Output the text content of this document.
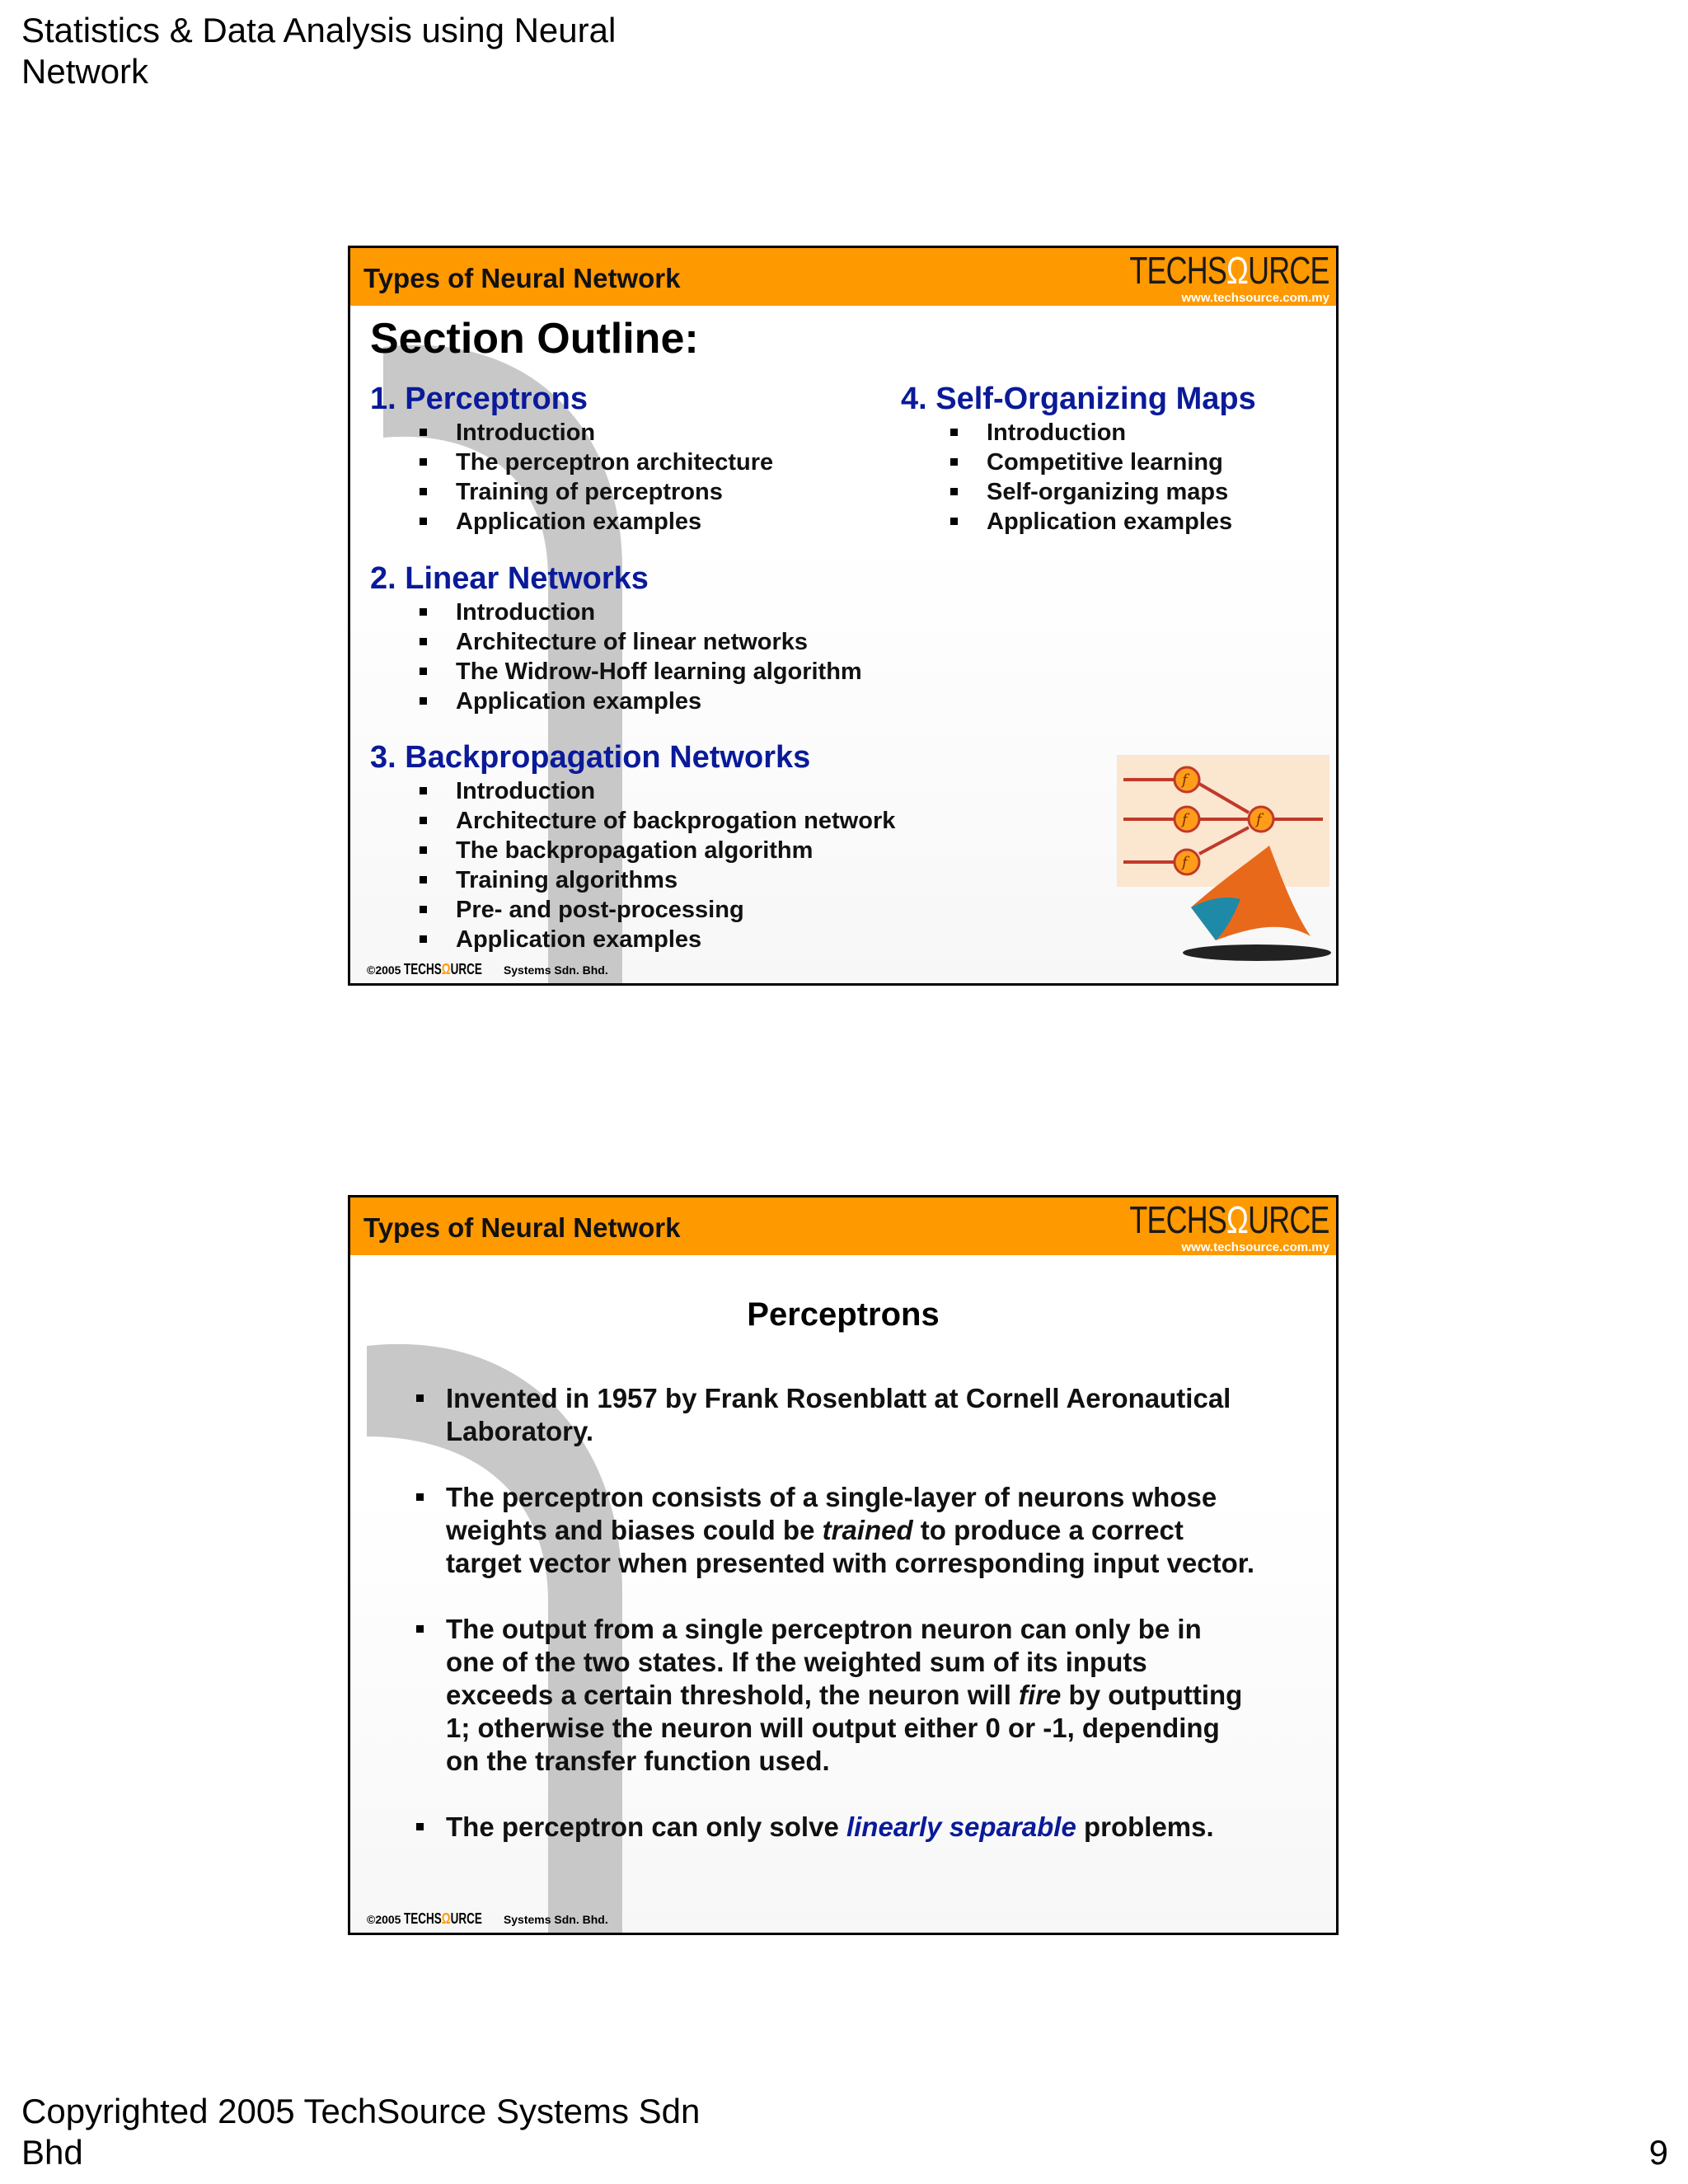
Statistics & Data Analysis using Neural Network
Types of Neural Network	TECHSΩURCE
www.techsource.com.my
Section Outline:

1. Perceptrons

Introduction
The perceptron architecture
Training of perceptrons
Application examples

2. Linear Networks

Introduction
Architecture of linear networks
The Widrow-Hoff learning algorithm
Application examples

3. Backpropagation Networks

Introduction
Architecture of backprogation network
The backpropagation algorithm
Training algorithms
Pre- and post-processing
Application examples

4. Self-Organizing Maps

Introduction
Competitive learning
Self-organizing maps
Application examples
f
f
f
f
©2005 TECHSΩURCE Systems Sdn. Bhd.
Types of Neural Network	TECHSΩURCE
www.techsource.com.my
Perceptrons
Invented in 1957 by Frank Rosenblatt at Cornell Aeronautical Laboratory.
The perceptron consists of a single-layer of neurons whose weights and biases could be trained to produce a correct target vector when presented with corresponding input vector.
The output from a single perceptron neuron can only be in one of the two states. If the weighted sum of its inputs exceeds a certain threshold, the neuron will fire by outputting 1; otherwise the neuron will output either 0 or -1, depending on the transfer function used.
The perceptron can only solve linearly separable problems.
©2005 TECHSΩURCE Systems Sdn. Bhd.
Copyrighted 2005 TechSource Systems Sdn Bhd	9
